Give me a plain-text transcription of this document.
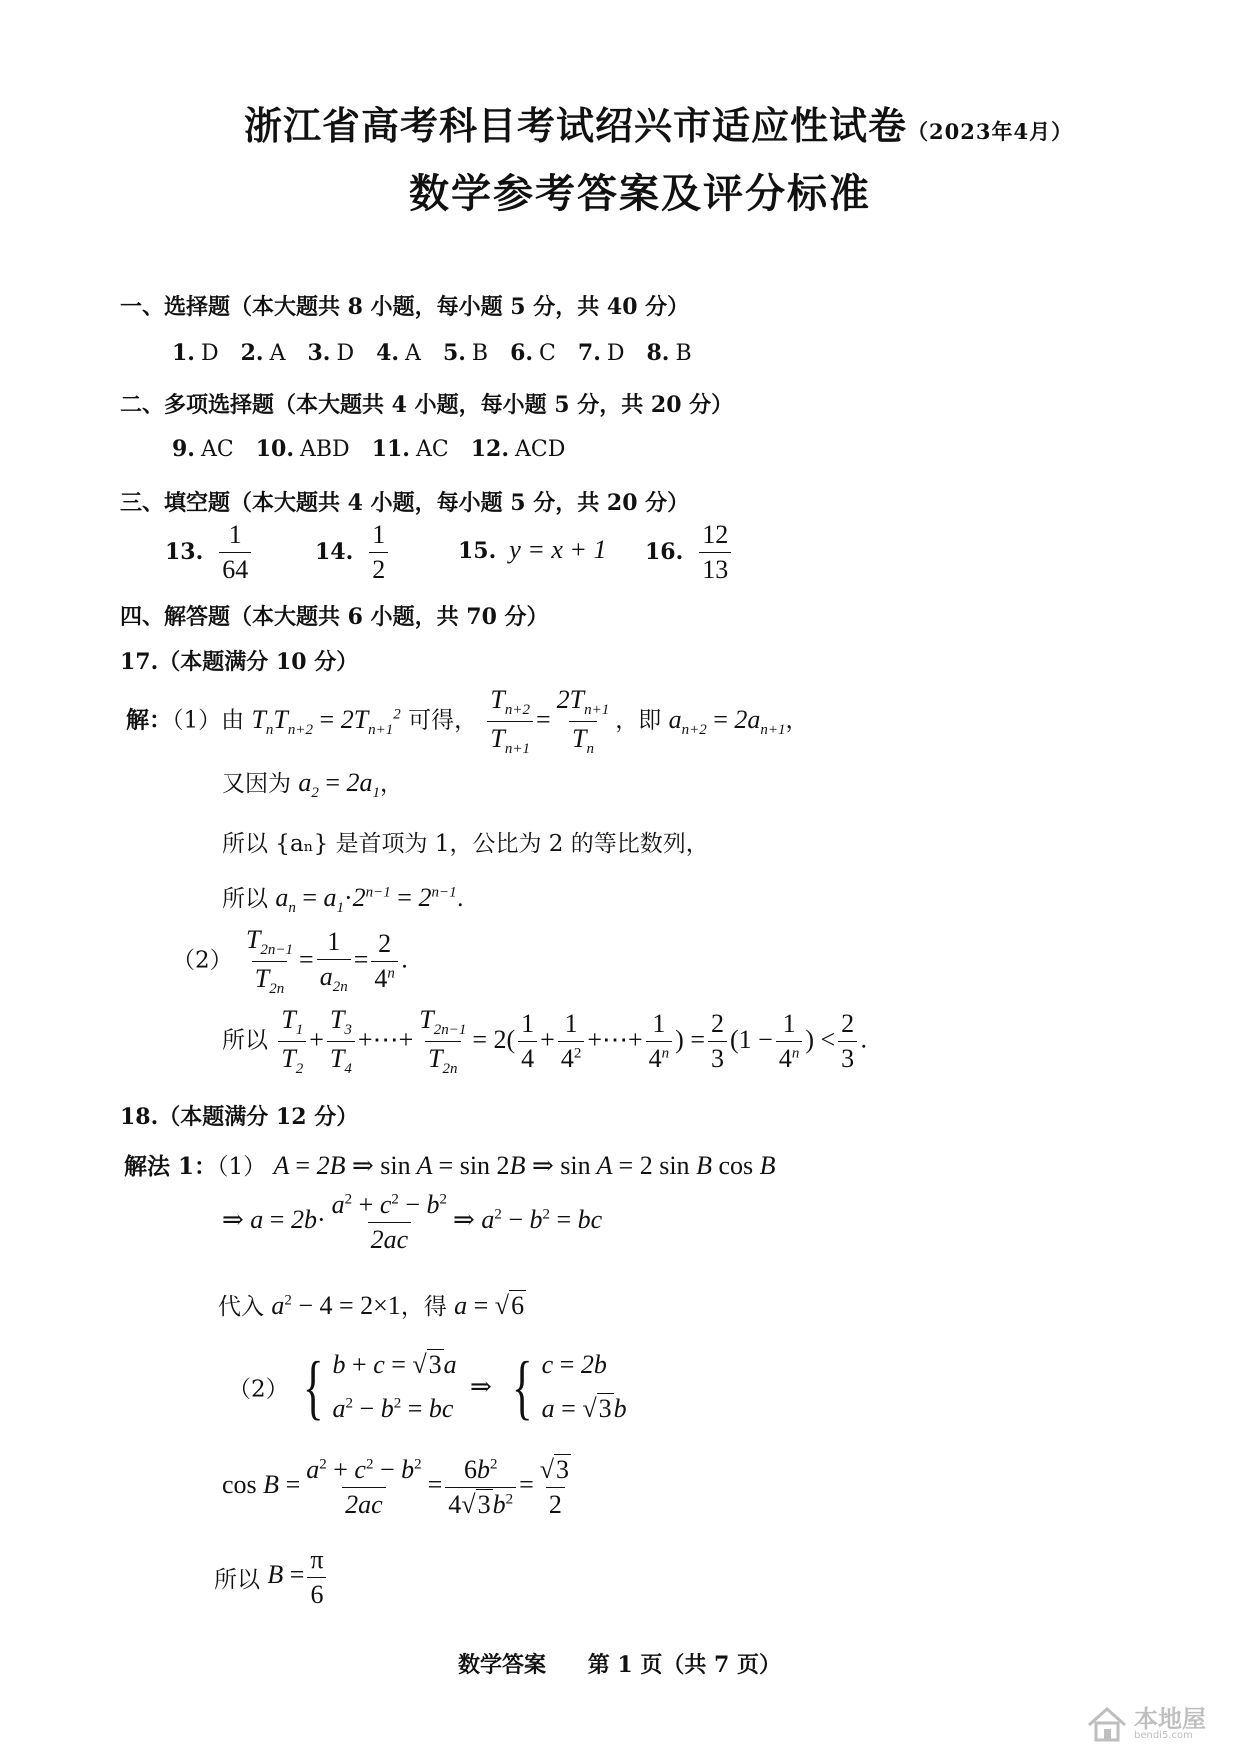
浙江省高考科目考试绍兴市适应性试卷（2023年4月）
数学参考答案及评分标准
一、选择题（本大题共 8 小题，每小题 5 分，共 40 分）
1. D 2. A 3. D 4. A 5. B 6. C 7. D 8. B
二、多项选择题（本大题共 4 小题，每小题 5 分，共 20 分）
9. AC 10. ABD 11. AC 12. ACD
三、填空题（本大题共 4 小题，每小题 5 分，共 20 分）
13. $\frac{1}{64}$	14. $\frac{1}{2}$	15. y = x + 1 16. $\frac{12}{13}$
四、解答题（本大题共 6 小题，共 70 分）
17.（本题满分 10 分）
解：（1）由 $T_nT_{n+2} = 2T_{n+1}^2$ 可得， $\frac{T_{n+2}}{T_{n+1}} = \frac{2T_{n+1}}{T_n}$ ，即 $a_{n+2} = 2a_{n+1}$，
又因为 $a_2 = 2a_1$，
所以 {aₙ} 是首项为 1，公比为 2 的等比数列，
所以 $a_n = a_1\cdot 2^{n-1} = 2^{n-1}$.
$(2) \frac{T_{2n-1}}{T_{2n}} = \frac{1}{a_{2n}} = \frac{2}{4^n}$ .
所以 $\frac{T_1}{T_2} + \frac{T_3}{T_4}$ +⋯+ $\frac{T_{2n-1}}{T_{2n}} = 2( \frac{1}{4} + \frac{1}{4^2}$ +⋯+ $\frac{1}{4^n}$ ) = $\frac{2}{3} (1 - \frac{1}{4^n}$ ) < $\frac{2}{3}$ .
18.（本题满分 12 分）
解法 1：（1） A = 2B ⇒ sin A = sin 2B ⇒ sin A = 2 sin B cos B
⇒ $a = 2b\cdot \frac{a^2 + c^2 - b^2}{2ac}$ ⇒ $a^2 - b^2$ = bc
代入 $a^2 - 4 = 2\times 1$，得 a = √6
（2） { b + c = √3a
$a^2 - b^2$ = bc
⇒ { c = 2b
a = √3b
$\cos B = \frac{a^2 + c^2 - b^2}{2ac} = \frac{6b^2}{4√3b^2} = \frac{√3}{2}$
所以 $B = \frac{\pi}{6}$
数学答案 第 1 页（共 7 页）
本地屋
bendi5.com
